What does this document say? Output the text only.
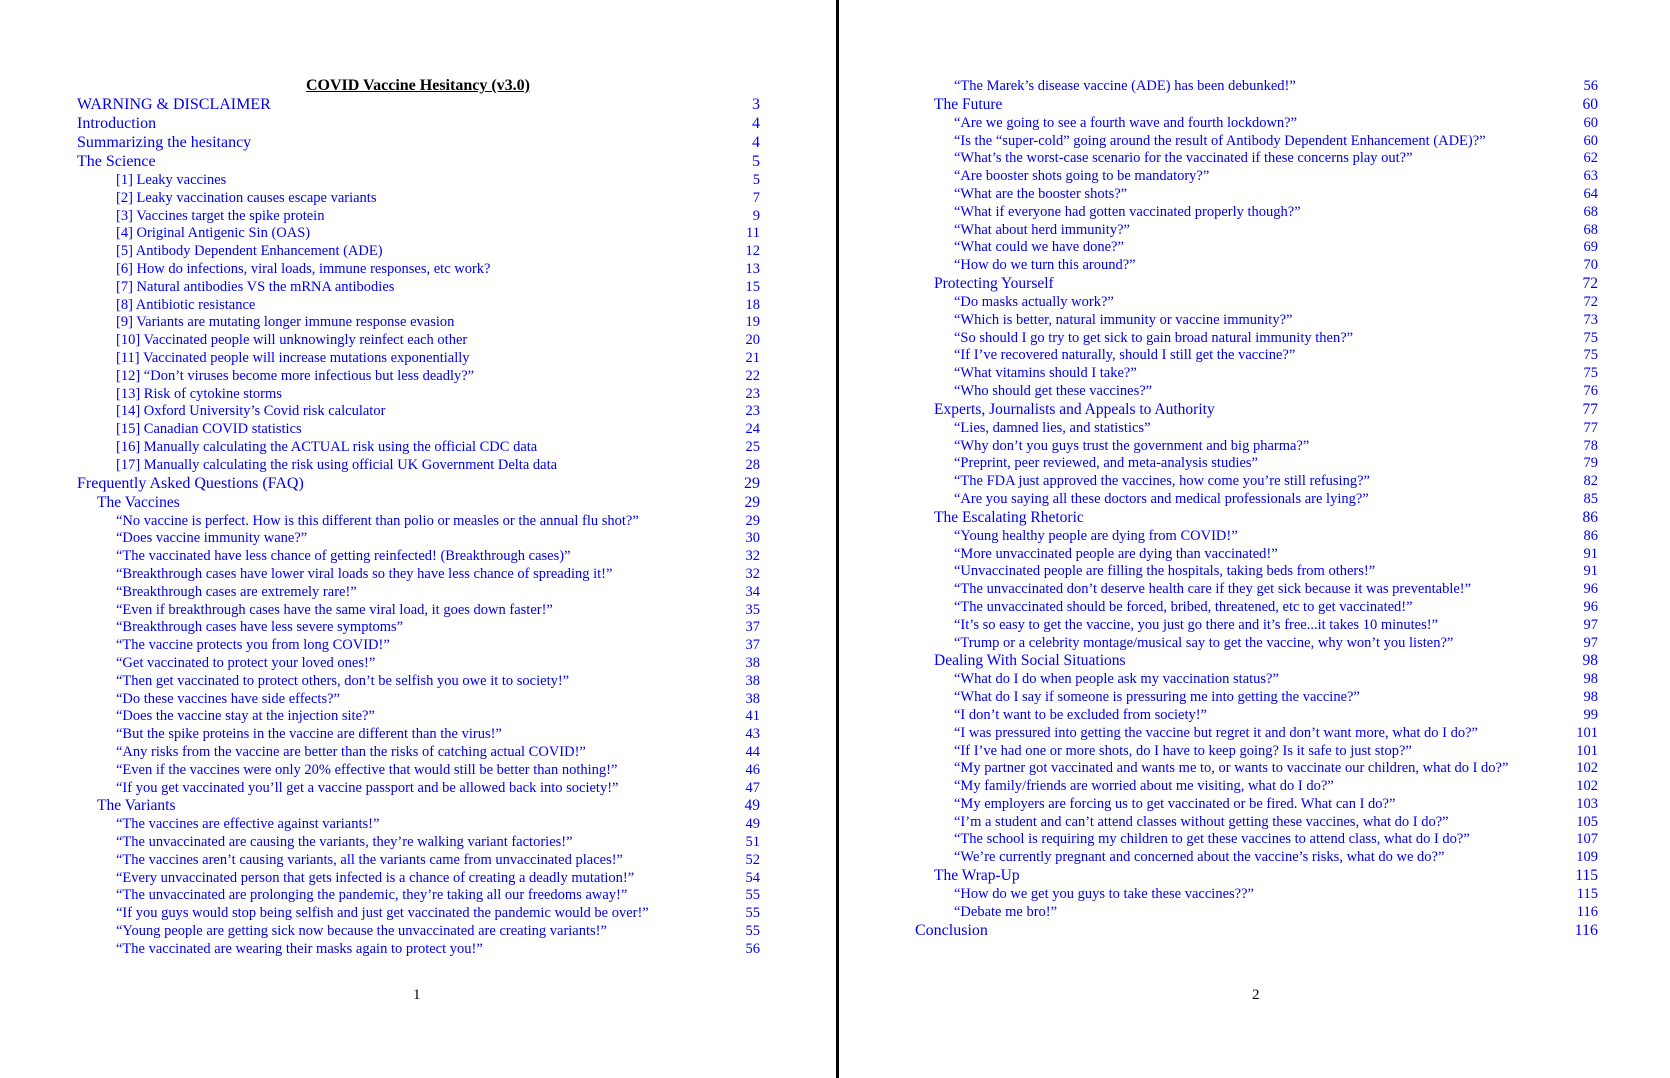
COVID Vaccine Hesitancy (v3.0)
WARNING & DISCLAIMER	3
Introduction	4
Summarizing the hesitancy	4
The Science	5
[1] Leaky vaccines	5
[2] Leaky vaccination causes escape variants	7
[3] Vaccines target the spike protein	9
[4] Original Antigenic Sin (OAS)	11
[5] Antibody Dependent Enhancement (ADE)	12
[6] How do infections, viral loads, immune responses, etc work?	13
[7] Natural antibodies VS the mRNA antibodies	15
[8] Antibiotic resistance	18
[9] Variants are mutating longer immune response evasion	19
[10] Vaccinated people will unknowingly reinfect each other	20
[11] Vaccinated people will increase mutations exponentially	21
[12] “Don’t viruses become more infectious but less deadly?”	22
[13] Risk of cytokine storms	23
[14] Oxford University’s Covid risk calculator	23
[15] Canadian COVID statistics	24
[16] Manually calculating the ACTUAL risk using the official CDC data	25
[17] Manually calculating the risk using official UK Government Delta data	28
Frequently Asked Questions (FAQ)	29
The Vaccines	29
“No vaccine is perfect. How is this different than polio or measles or the annual flu shot?”	29
“Does vaccine immunity wane?”	30
“The vaccinated have less chance of getting reinfected! (Breakthrough cases)”	32
“Breakthrough cases have lower viral loads so they have less chance of spreading it!”	32
“Breakthrough cases are extremely rare!”	34
“Even if breakthrough cases have the same viral load, it goes down faster!”	35
“Breakthrough cases have less severe symptoms”	37
“The vaccine protects you from long COVID!”	37
“Get vaccinated to protect your loved ones!”	38
“Then get vaccinated to protect others, don’t be selfish you owe it to society!”	38
“Do these vaccines have side effects?”	38
“Does the vaccine stay at the injection site?”	41
“But the spike proteins in the vaccine are different than the virus!”	43
“Any risks from the vaccine are better than the risks of catching actual COVID!”	44
“Even if the vaccines were only 20% effective that would still be better than nothing!”	46
“If you get vaccinated you’ll get a vaccine passport and be allowed back into society!”	47
The Variants	49
“The vaccines are effective against variants!”	49
“The unvaccinated are causing the variants, they’re walking variant factories!”	51
“The vaccines aren’t causing variants, all the variants came from unvaccinated places!”	52
“Every unvaccinated person that gets infected is a chance of creating a deadly mutation!”	54
“The unvaccinated are prolonging the pandemic, they’re taking all our freedoms away!”	55
“If you guys would stop being selfish and just get vaccinated the pandemic would be over!”	55
“Young people are getting sick now because the unvaccinated are creating variants!”	55
“The vaccinated are wearing their masks again to protect you!”	56
1
“The Marek’s disease vaccine (ADE) has been debunked!”	56
The Future	60
“Are we going to see a fourth wave and fourth lockdown?”	60
“Is the “super-cold” going around the result of Antibody Dependent Enhancement (ADE)?”	60
“What’s the worst-case scenario for the vaccinated if these concerns play out?”	62
“Are booster shots going to be mandatory?”	63
“What are the booster shots?”	64
“What if everyone had gotten vaccinated properly though?”	68
“What about herd immunity?”	68
“What could we have done?”	69
“How do we turn this around?”	70
Protecting Yourself	72
“Do masks actually work?”	72
“Which is better, natural immunity or vaccine immunity?”	73
“So should I go try to get sick to gain broad natural immunity then?”	75
“If I’ve recovered naturally, should I still get the vaccine?”	75
“What vitamins should I take?”	75
“Who should get these vaccines?”	76
Experts, Journalists and Appeals to Authority	77
“Lies, damned lies, and statistics”	77
“Why don’t you guys trust the government and big pharma?”	78
“Preprint, peer reviewed, and meta-analysis studies”	79
“The FDA just approved the vaccines, how come you’re still refusing?”	82
“Are you saying all these doctors and medical professionals are lying?”	85
The Escalating Rhetoric	86
“Young healthy people are dying from COVID!”	86
“More unvaccinated people are dying than vaccinated!”	91
“Unvaccinated people are filling the hospitals, taking beds from others!”	91
“The unvaccinated don’t deserve health care if they get sick because it was preventable!”	96
“The unvaccinated should be forced, bribed, threatened, etc to get vaccinated!”	96
“It’s so easy to get the vaccine, you just go there and it’s free...it takes 10 minutes!”	97
“Trump or a celebrity montage/musical say to get the vaccine, why won’t you listen?”	97
Dealing With Social Situations	98
“What do I do when people ask my vaccination status?”	98
“What do I say if someone is pressuring me into getting the vaccine?”	98
“I don’t want to be excluded from society!”	99
“I was pressured into getting the vaccine but regret it and don’t want more, what do I do?”	101
“If I’ve had one or more shots, do I have to keep going? Is it safe to just stop?”	101
“My partner got vaccinated and wants me to, or wants to vaccinate our children, what do I do?”	102
“My family/friends are worried about me visiting, what do I do?”	102
“My employers are forcing us to get vaccinated or be fired. What can I do?”	103
“I’m a student and can’t attend classes without getting these vaccines, what do I do?”	105
“The school is requiring my children to get these vaccines to attend class, what do I do?”	107
“We’re currently pregnant and concerned about the vaccine’s risks, what do we do?”	109
The Wrap-Up	115
“How do we get you guys to take these vaccines??”	115
“Debate me bro!”	116
Conclusion	116
2
